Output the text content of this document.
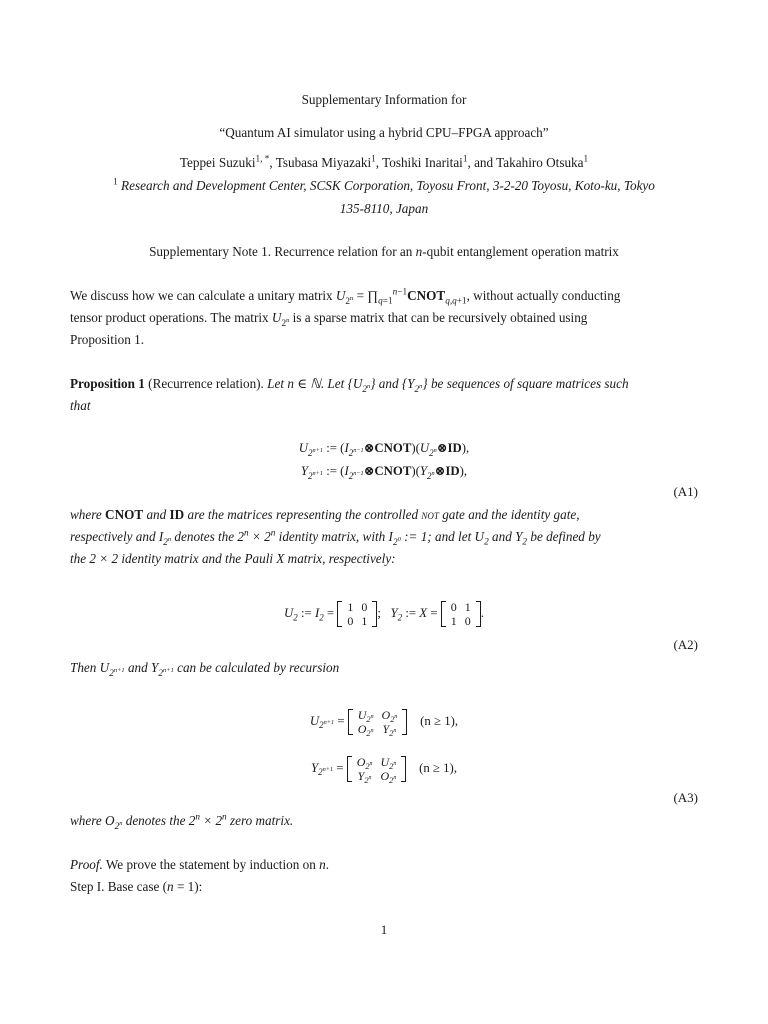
Supplementary Information for
“Quantum AI simulator using a hybrid CPU–FPGA approach”
Teppei Suzuki$^{1, *}$, Tsubasa Miyazaki$^1$, Toshiki Inaritai$^1$, and Takahiro Otsuka$^1$
$^1$ Research and Development Center, SCSK Corporation, Toyosu Front, 3-2-20 Toyosu, Koto-ku, Tokyo
135-8110, Japan
Supplementary Note 1. Recurrence relation for an n-qubit entanglement operation matrix
We discuss how we can calculate a unitary matrix $U_{2^n}$ = $\prod_{q=1}^{n-1}CNOT_{q,q+1}$, without actually conducting
tensor product operations. The matrix $U_{2^n}$ is a sparse matrix that can be recursively obtained using
Proposition 1.
Proposition 1 (Recurrence relation). Let n ∈ ℕ. Let $\{U_{2^n}\}$ and $\{Y_{2^n}\}$ be sequences of square matrices such
that
$U_{2^{n+1}}$ := $(I_{2^{n-1}}\otimes CNOT)(U_{2^n}\otimes ID)$,
$Y_{2^{n+1}}$ := $(I_{2^{n-1}}\otimes CNOT)(Y_{2^n}\otimes ID)$,
(A1)
where CNOT and ID are the matrices representing the controlled not gate and the identity gate,
respectively and $I_{2^n}$ denotes the $2^n \times 2^n$ identity matrix, with $I_{2^0}$ := 1; and let $U_2$ and $Y_2$ be defined by
the 2 × 2 identity matrix and the Pauli X matrix, respectively:
$U_2$ := $I_2 = 1$	0
0	1
; $Y_2$ := X = 0	1
1	0
.
(A2)
Then $U_{2^{n+1}}$ and $Y_{2^{n+1}}$ can be calculated by recursion
$U_{2^{n+1}} = U_{2^n}$	$O_{2^n}$
$O_{2^n}$	$Y_{2^n}$
(n ≥ 1),
$Y_{2^{n+1}} = O_{2^n}$	$U_{2^n}$
$Y_{2^n}$	$O_{2^n}$
(n ≥ 1),
(A3)
where $O_{2^n}$ denotes the $2^n \times 2^n$ zero matrix.
Proof. We prove the statement by induction on n.
Step I. Base case (n = 1):
1
